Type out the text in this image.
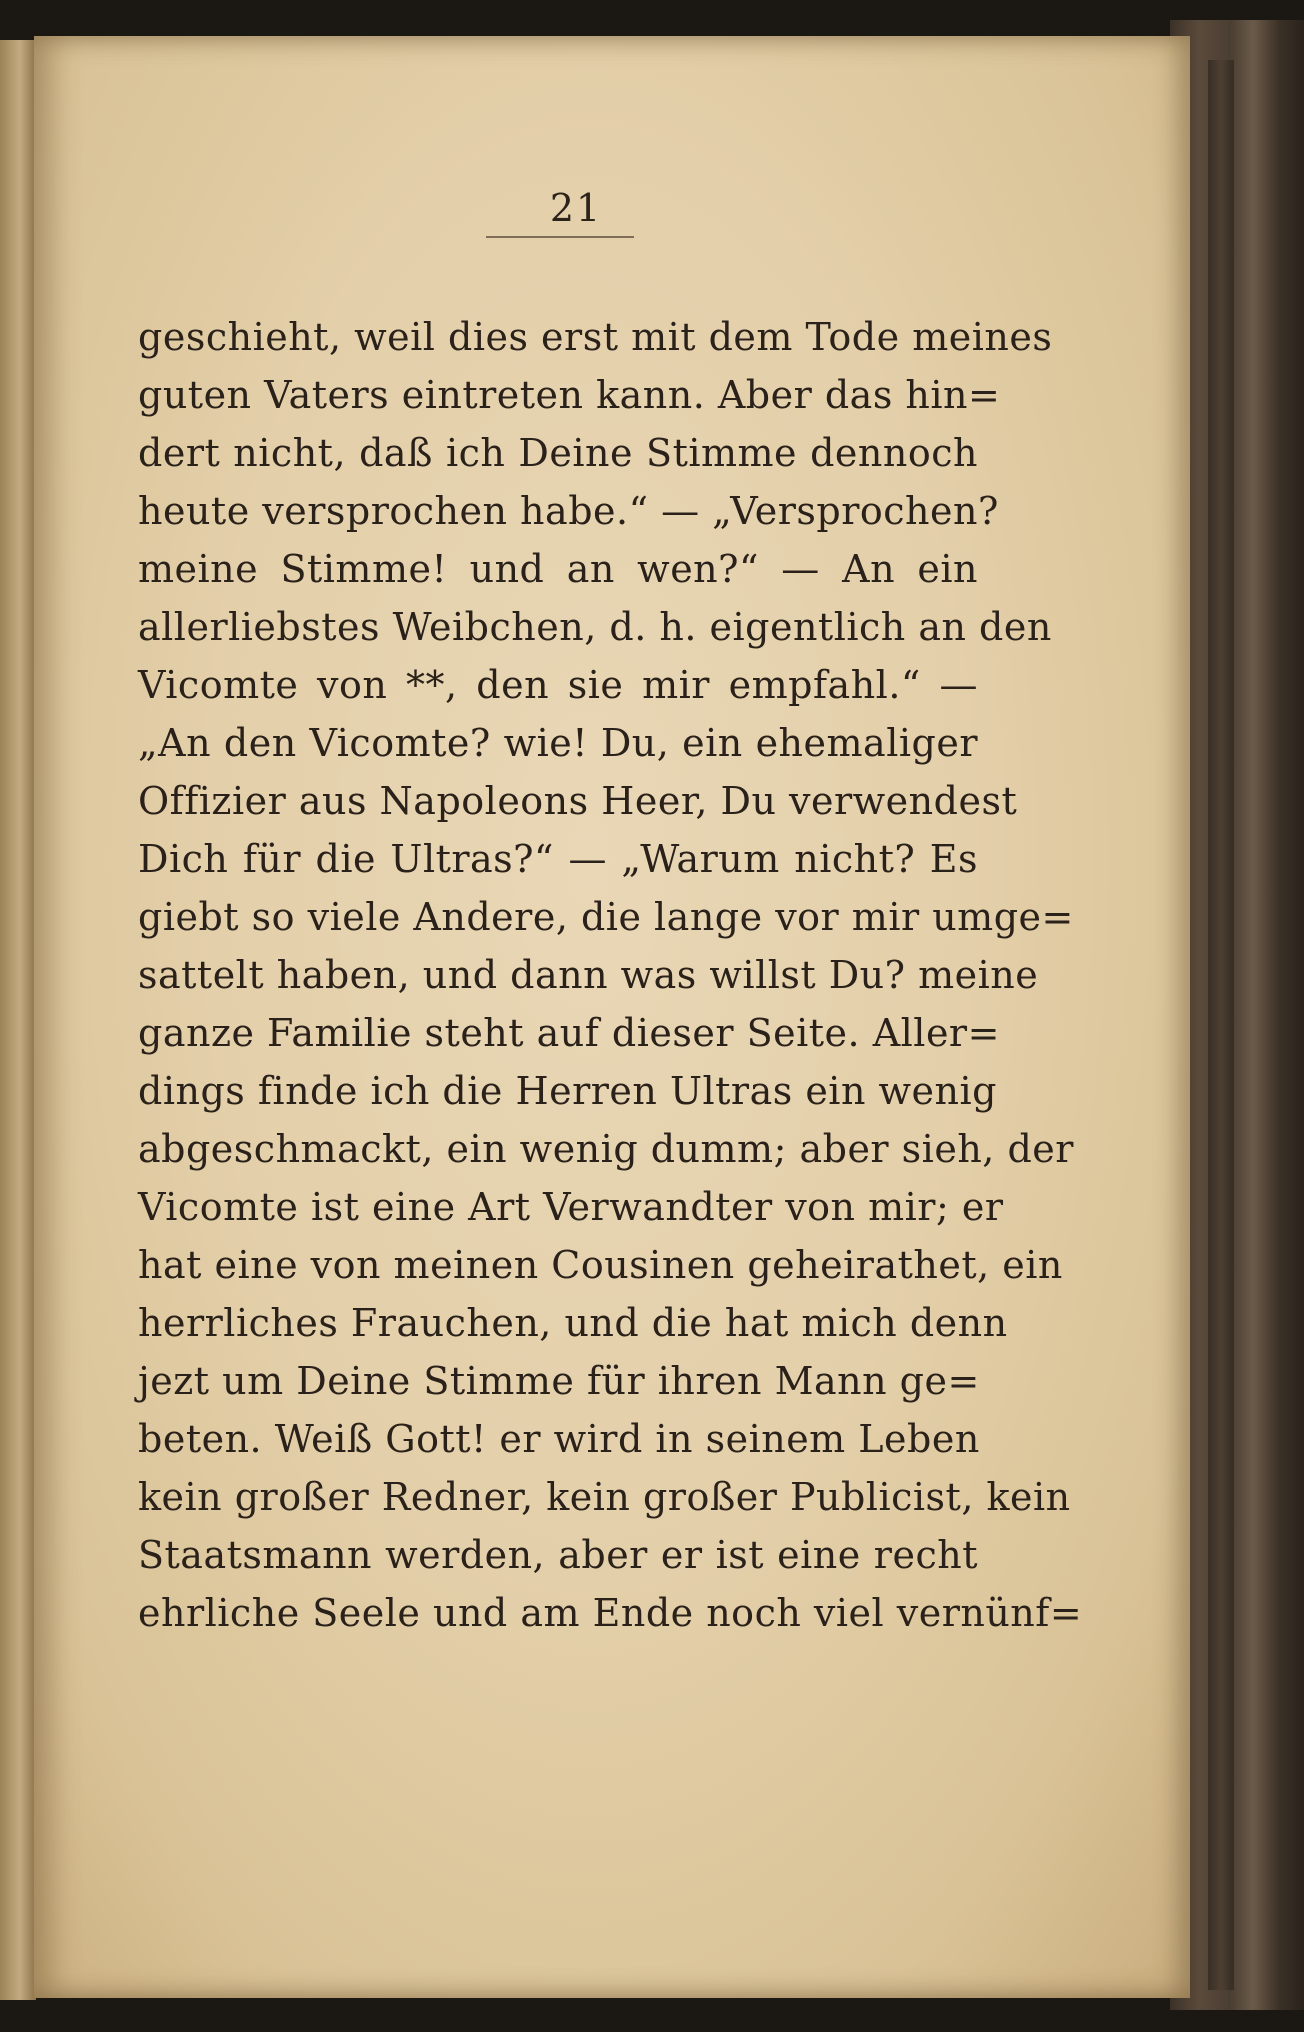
21
geschieht, weil dies erst mit dem Tode meines
guten Vaters eintreten kann. Aber das hin=
dert nicht, daß ich Deine Stimme dennoch
heute versprochen habe.“ — „Versprochen?
meine Stimme! und an wen?“ — An ein
allerliebstes Weibchen, d. h. eigentlich an den
Vicomte von **, den sie mir empfahl.“ —
„An den Vicomte? wie! Du, ein ehemaliger
Offizier aus Napoleons Heer, Du verwendest
Dich für die Ultras?“ — „Warum nicht? Es
giebt so viele Andere, die lange vor mir umge=
sattelt haben, und dann was willst Du? meine
ganze Familie steht auf dieser Seite. Aller=
dings finde ich die Herren Ultras ein wenig
abgeschmackt, ein wenig dumm; aber sieh, der
Vicomte ist eine Art Verwandter von mir; er
hat eine von meinen Cousinen geheirathet, ein
herrliches Frauchen, und die hat mich denn
jezt um Deine Stimme für ihren Mann ge=
beten. Weiß Gott! er wird in seinem Leben
kein großer Redner, kein großer Publicist, kein
Staatsmann werden, aber er ist eine recht
ehrliche Seele und am Ende noch viel vernünf=
